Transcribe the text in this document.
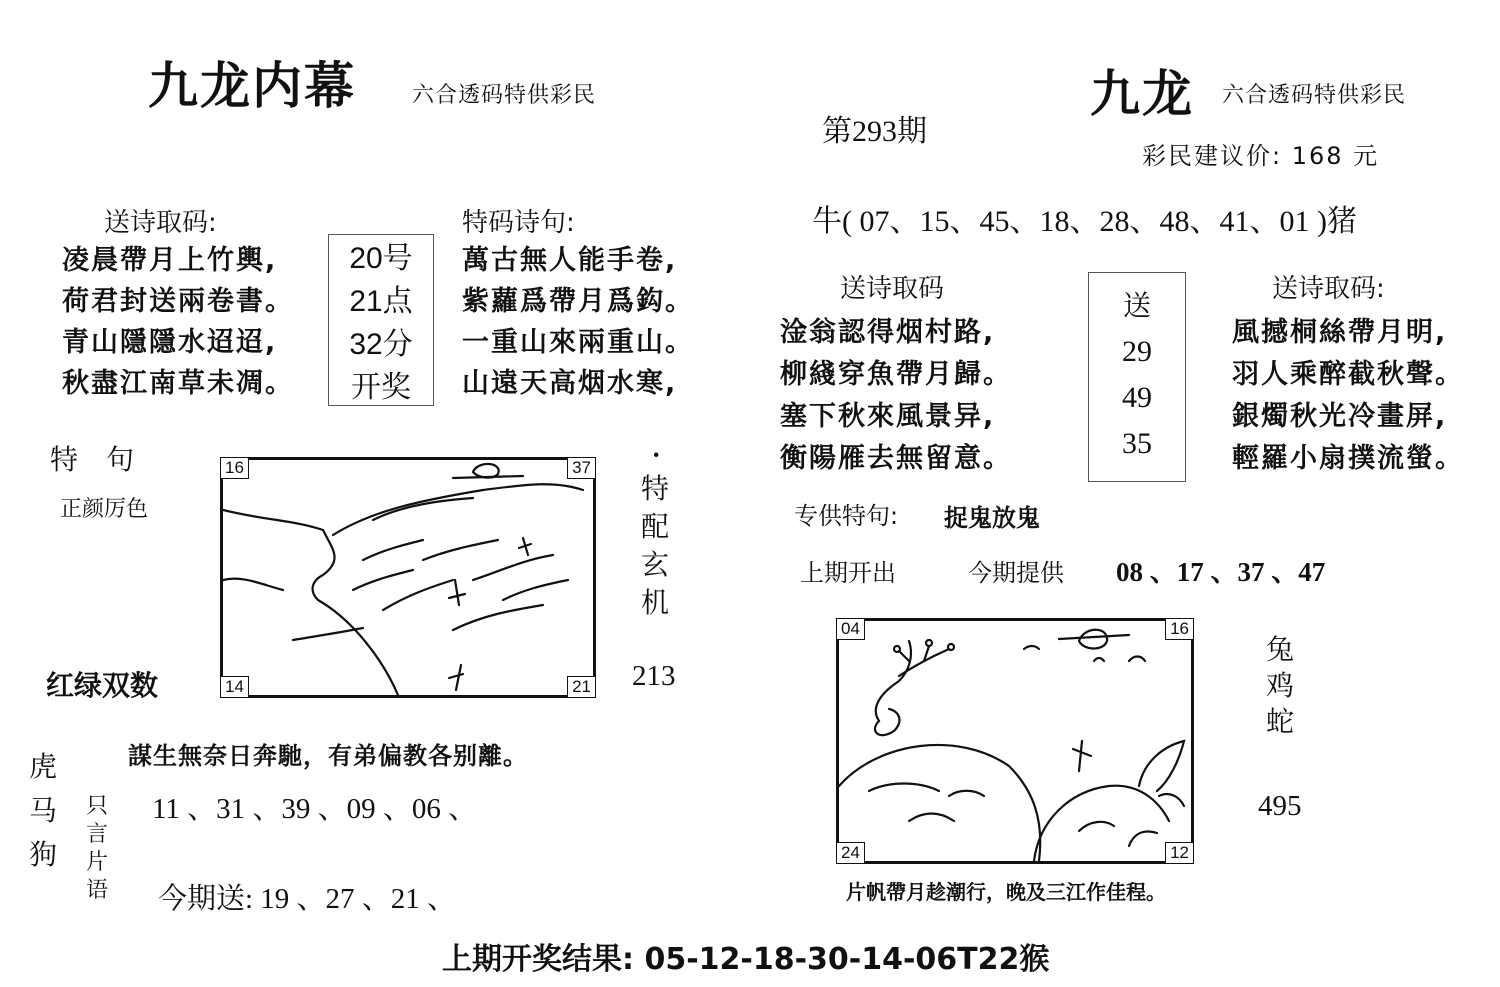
九龙内幕	六合透码特供彩民
送诗取码:
凌晨帶月上竹輿,
荷君封送兩卷書。
青山隱隱水迢迢,
秋盡江南草未凋。
20号
21点
32分
开奖
特码诗句:
萬古無人能手卷,
紫蘿爲帶月爲鈎。
一重山來兩重山。
山遠天高烟水寒,
特　句
正颜厉色
红绿双数
16	37
14	21
·
特配玄机
213
謀生無奈日奔馳，有弟偏教各别離。
虎
马
狗
只
言
片
语
11 、31 、39 、09 、06 、
今期送: 19 、27 、21 、
第293期
九龙 六合透码特供彩民
彩民建议价: 168 元
牛( 07、15、45、18、28、48、41、01 )猪
送诗取码
淦翁認得烟村路,
柳綫穿魚帶月歸。
塞下秋來風景异,
衡陽雁去無留意。
送
29
49
35
送诗取码:
風撼桐絲帶月明,
羽人乘醉截秋聲。
銀燭秋光冷畫屏,
輕羅小扇撲流螢。
专供特句: 捉鬼放鬼
上期开出	今期提供 08 、17 、37 、47
04	16
24	12
兔
鸡
蛇
495
片帆帶月趁潮行，晚及三江作佳程。
上期开奖结果: 05-12-18-30-14-06T22猴
